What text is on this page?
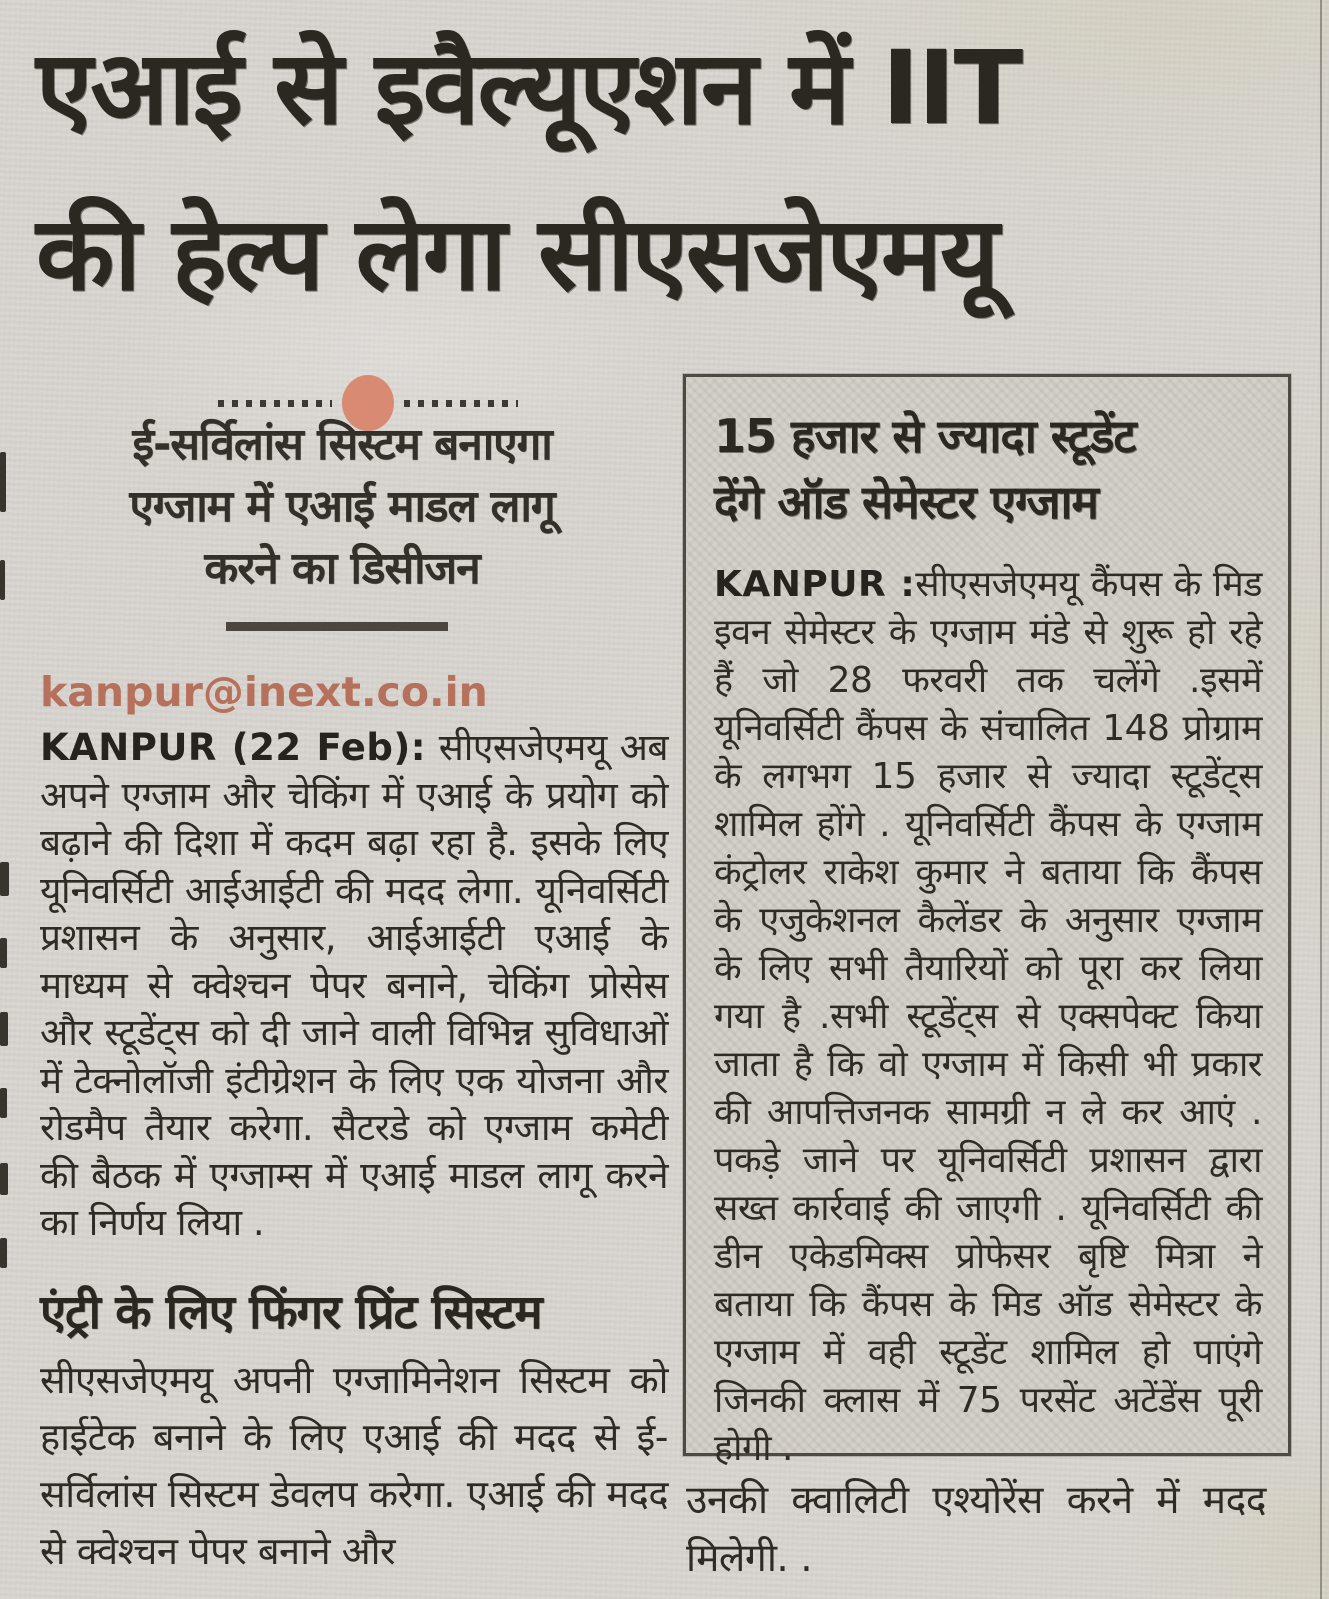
एआई से इवैल्यूएशन में IIT
की हेल्प लेगा सीएसजेएमयू
ई-सर्विलांस सिस्टम बनाएगा
एग्जाम में एआई माडल लागू
करने का डिसीजन
kanpur@inext.co.in

KANPUR (22 Feb): सीएसजेएमयू अब अपने एग्जाम और चेकिंग में एआई के प्रयोग को बढ़ाने की दिशा में कदम बढ़ा रहा है. इसके लिए यूनिवर्सिटी आईआईटी की मदद लेगा. यूनिवर्सिटी प्रशासन के अनुसार, आईआईटी एआई के माध्यम से क्वेश्चन पेपर बनाने, चेकिंग प्रोसेस और स्टूडेंट्स को दी जाने वाली विभिन्न सुविधाओं में टेक्नोलॉजी इंटीग्रेशन के लिए एक योजना और रोडमैप तैयार करेगा. सैटरडे को एग्जाम कमेटी की बैठक में एग्जाम्स में एआई माडल लागू करने का निर्णय लिया .

एंट्री के लिए फिंगर प्रिंट सिस्टम

सीएसजेएमयू अपनी एग्जामिनेशन सिस्टम को हाईटेक बनाने के लिए एआई की मदद से ई-सर्विलांस सिस्टम डेवलप करेगा. एआई की मदद से क्वेश्चन पेपर बनाने और

15 हजार से ज्यादा स्टूडेंट
देंगे ऑड सेमेस्टर एग्जाम

KANPUR :सीएसजेएमयू कैंपस के मिड इवन सेमेस्टर के एग्जाम मंडे से शुरू हो रहे हैं जो 28 फरवरी तक चलेंगे .इसमें यूनिवर्सिटी कैंपस के संचालित 148 प्रोग्राम के लगभग 15 हजार से ज्यादा स्टूडेंट्स शामिल होंगे . यूनिवर्सिटी कैंपस के एग्जाम कंट्रोलर राकेश कुमार ने बताया कि कैंपस के एजुकेशनल कैलेंडर के अनुसार एग्जाम के लिए सभी तैयारियों को पूरा कर लिया गया है .सभी स्टूडेंट्स से एक्सपेक्ट किया जाता है कि वो एग्जाम में किसी भी प्रकार की आपत्तिजनक सामग्री न ले कर आएं . पकड़े जाने पर यूनिवर्सिटी प्रशासन द्वारा सख्त कार्रवाई की जाएगी . यूनिवर्सिटी की डीन एकेडमिक्स प्रोफेसर बृष्टि मित्रा ने बताया कि कैंपस के मिड ऑड सेमेस्टर के एग्जाम में वही स्टूडेंट शामिल हो पाएंगे जिनकी क्लास में 75 परसेंट अटेंडेंस पूरी होगी .

उनकी क्वालिटी एश्योरेंस करने में मदद मिलेगी. .
